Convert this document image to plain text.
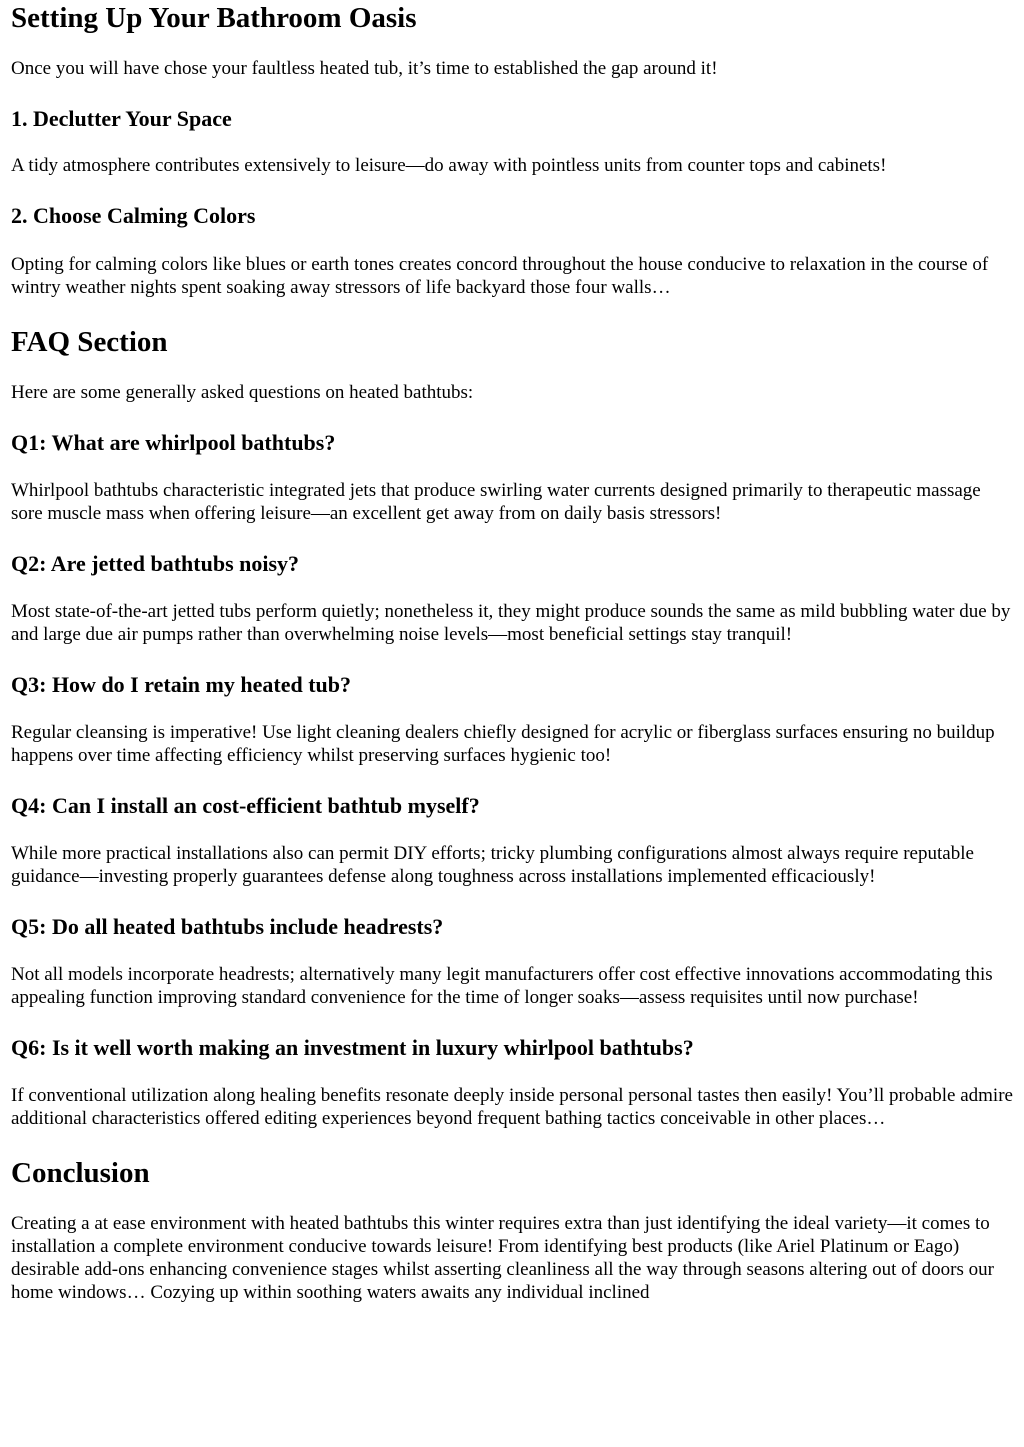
Setting Up Your Bathroom Oasis

Once you will have chose your faultless heated tub, it’s time to established the gap around it!

1. Declutter Your Space

A tidy atmosphere contributes extensively to leisure—do away with pointless units from counter tops and cabinets!

2. Choose Calming Colors

Opting for calming colors like blues or earth tones creates concord throughout the house conducive to relaxation in the course of wintry weather nights spent soaking away stressors of life backyard those four walls…

FAQ Section

Here are some generally asked questions on heated bathtubs:

Q1: What are whirlpool bathtubs?

Whirlpool bathtubs characteristic integrated jets that produce swirling water currents designed primarily to therapeutic massage sore muscle mass when offering leisure—an excellent get away from on daily basis stressors!

Q2: Are jetted bathtubs noisy?

Most state-of-the-art jetted tubs perform quietly; nonetheless it, they might produce sounds the same as mild bubbling water due by and large due air pumps rather than overwhelming noise levels—most beneficial settings stay tranquil!

Q3: How do I retain my heated tub?

Regular cleansing is imperative! Use light cleaning dealers chiefly designed for acrylic or fiberglass surfaces ensuring no buildup happens over time affecting efficiency whilst preserving surfaces hygienic too!

Q4: Can I install an cost-efficient bathtub myself?

While more practical installations also can permit DIY efforts; tricky plumbing configurations almost always require reputable guidance—investing properly guarantees defense along toughness across installations implemented efficaciously!

Q5: Do all heated bathtubs include headrests?

Not all models incorporate headrests; alternatively many legit manufacturers offer cost effective innovations accommodating this appealing function improving standard convenience for the time of longer soaks—assess requisites until now purchase!

Q6: Is it well worth making an investment in luxury whirlpool bathtubs?

If conventional utilization along healing benefits resonate deeply inside personal personal tastes then easily! You’ll probable admire additional characteristics offered editing experiences beyond frequent bathing tactics conceivable in other places…

Conclusion

Creating a at ease environment with heated bathtubs this winter requires extra than just identifying the ideal variety—it comes to installation a complete environment conducive towards leisure! From identifying best products (like Ariel Platinum or Eago) desirable add-ons enhancing convenience stages whilst asserting cleanliness all the way through seasons altering out of doors our home windows… Cozying up within soothing waters awaits any individual inclined
